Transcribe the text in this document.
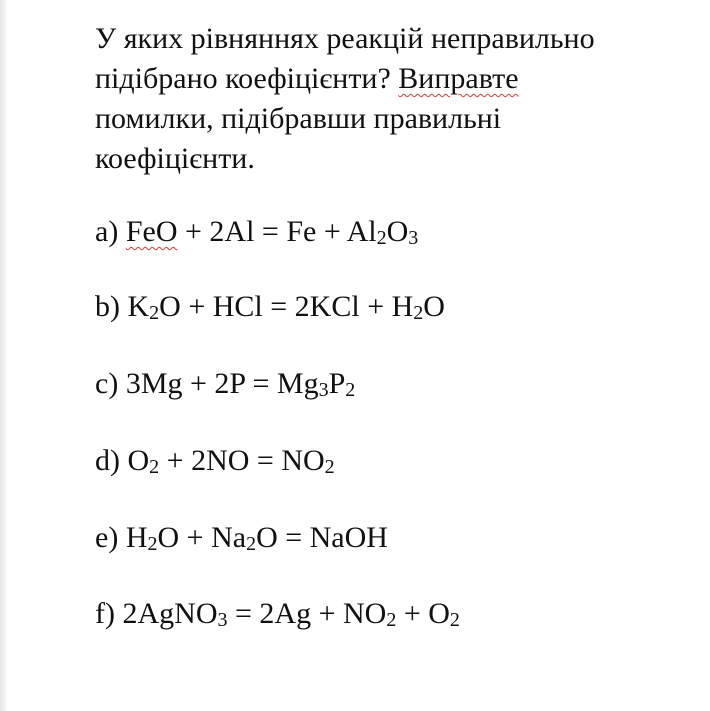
У яких рівняннях реакцій неправильно
підібрано коефіцієнти? Виправте
помилки, підібравши правильні
коефіцієнти.

a) FeO + $2Al = Fe + Al_2O_3$

b) $K_2O$ + HCl = $2KCl + H_2O$

c) $3Mg + 2P = Mg_3P_2$

d) $O_2 + 2NO = NO_2$

e) $H_2O + Na_2O$ = NaOH

f) 2AgNO$_3$ = $2Ag + NO_2 + O_2$
